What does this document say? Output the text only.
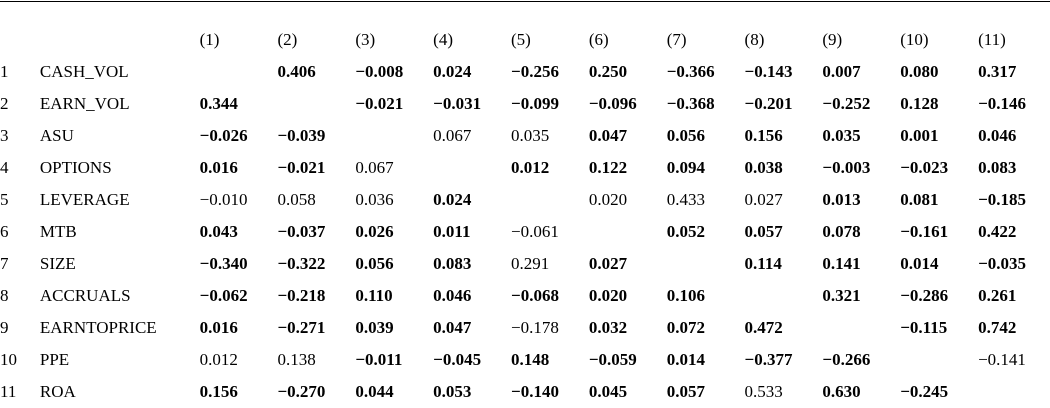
		(1)	(2)	(3)	(4)	(5)	(6)	(7)	(8)	(9)	(10)	(11)
1	CASH_VOL		0.406	−0.008	0.024	−0.256	0.250	−0.366	−0.143	0.007	0.080	0.317
2	EARN_VOL	0.344		−0.021	−0.031	−0.099	−0.096	−0.368	−0.201	−0.252	0.128	−0.146
3	ASU	−0.026	−0.039		0.067	0.035	0.047	0.056	0.156	0.035	0.001	0.046
4	OPTIONS	0.016	−0.021	0.067		0.012	0.122	0.094	0.038	−0.003	−0.023	0.083
5	LEVERAGE	−0.010	0.058	0.036	0.024		0.020	0.433	0.027	0.013	0.081	−0.185
6	MTB	0.043	−0.037	0.026	0.011	−0.061		0.052	0.057	0.078	−0.161	0.422
7	SIZE	−0.340	−0.322	0.056	0.083	0.291	0.027		0.114	0.141	0.014	−0.035
8	ACCRUALS	−0.062	−0.218	0.110	0.046	−0.068	0.020	0.106		0.321	−0.286	0.261
9	EARNTOPRICE	0.016	−0.271	0.039	0.047	−0.178	0.032	0.072	0.472		−0.115	0.742
10	PPE	0.012	0.138	−0.011	−0.045	0.148	−0.059	0.014	−0.377	−0.266		−0.141
11	ROA	0.156	−0.270	0.044	0.053	−0.140	0.045	0.057	0.533	0.630	−0.245	
